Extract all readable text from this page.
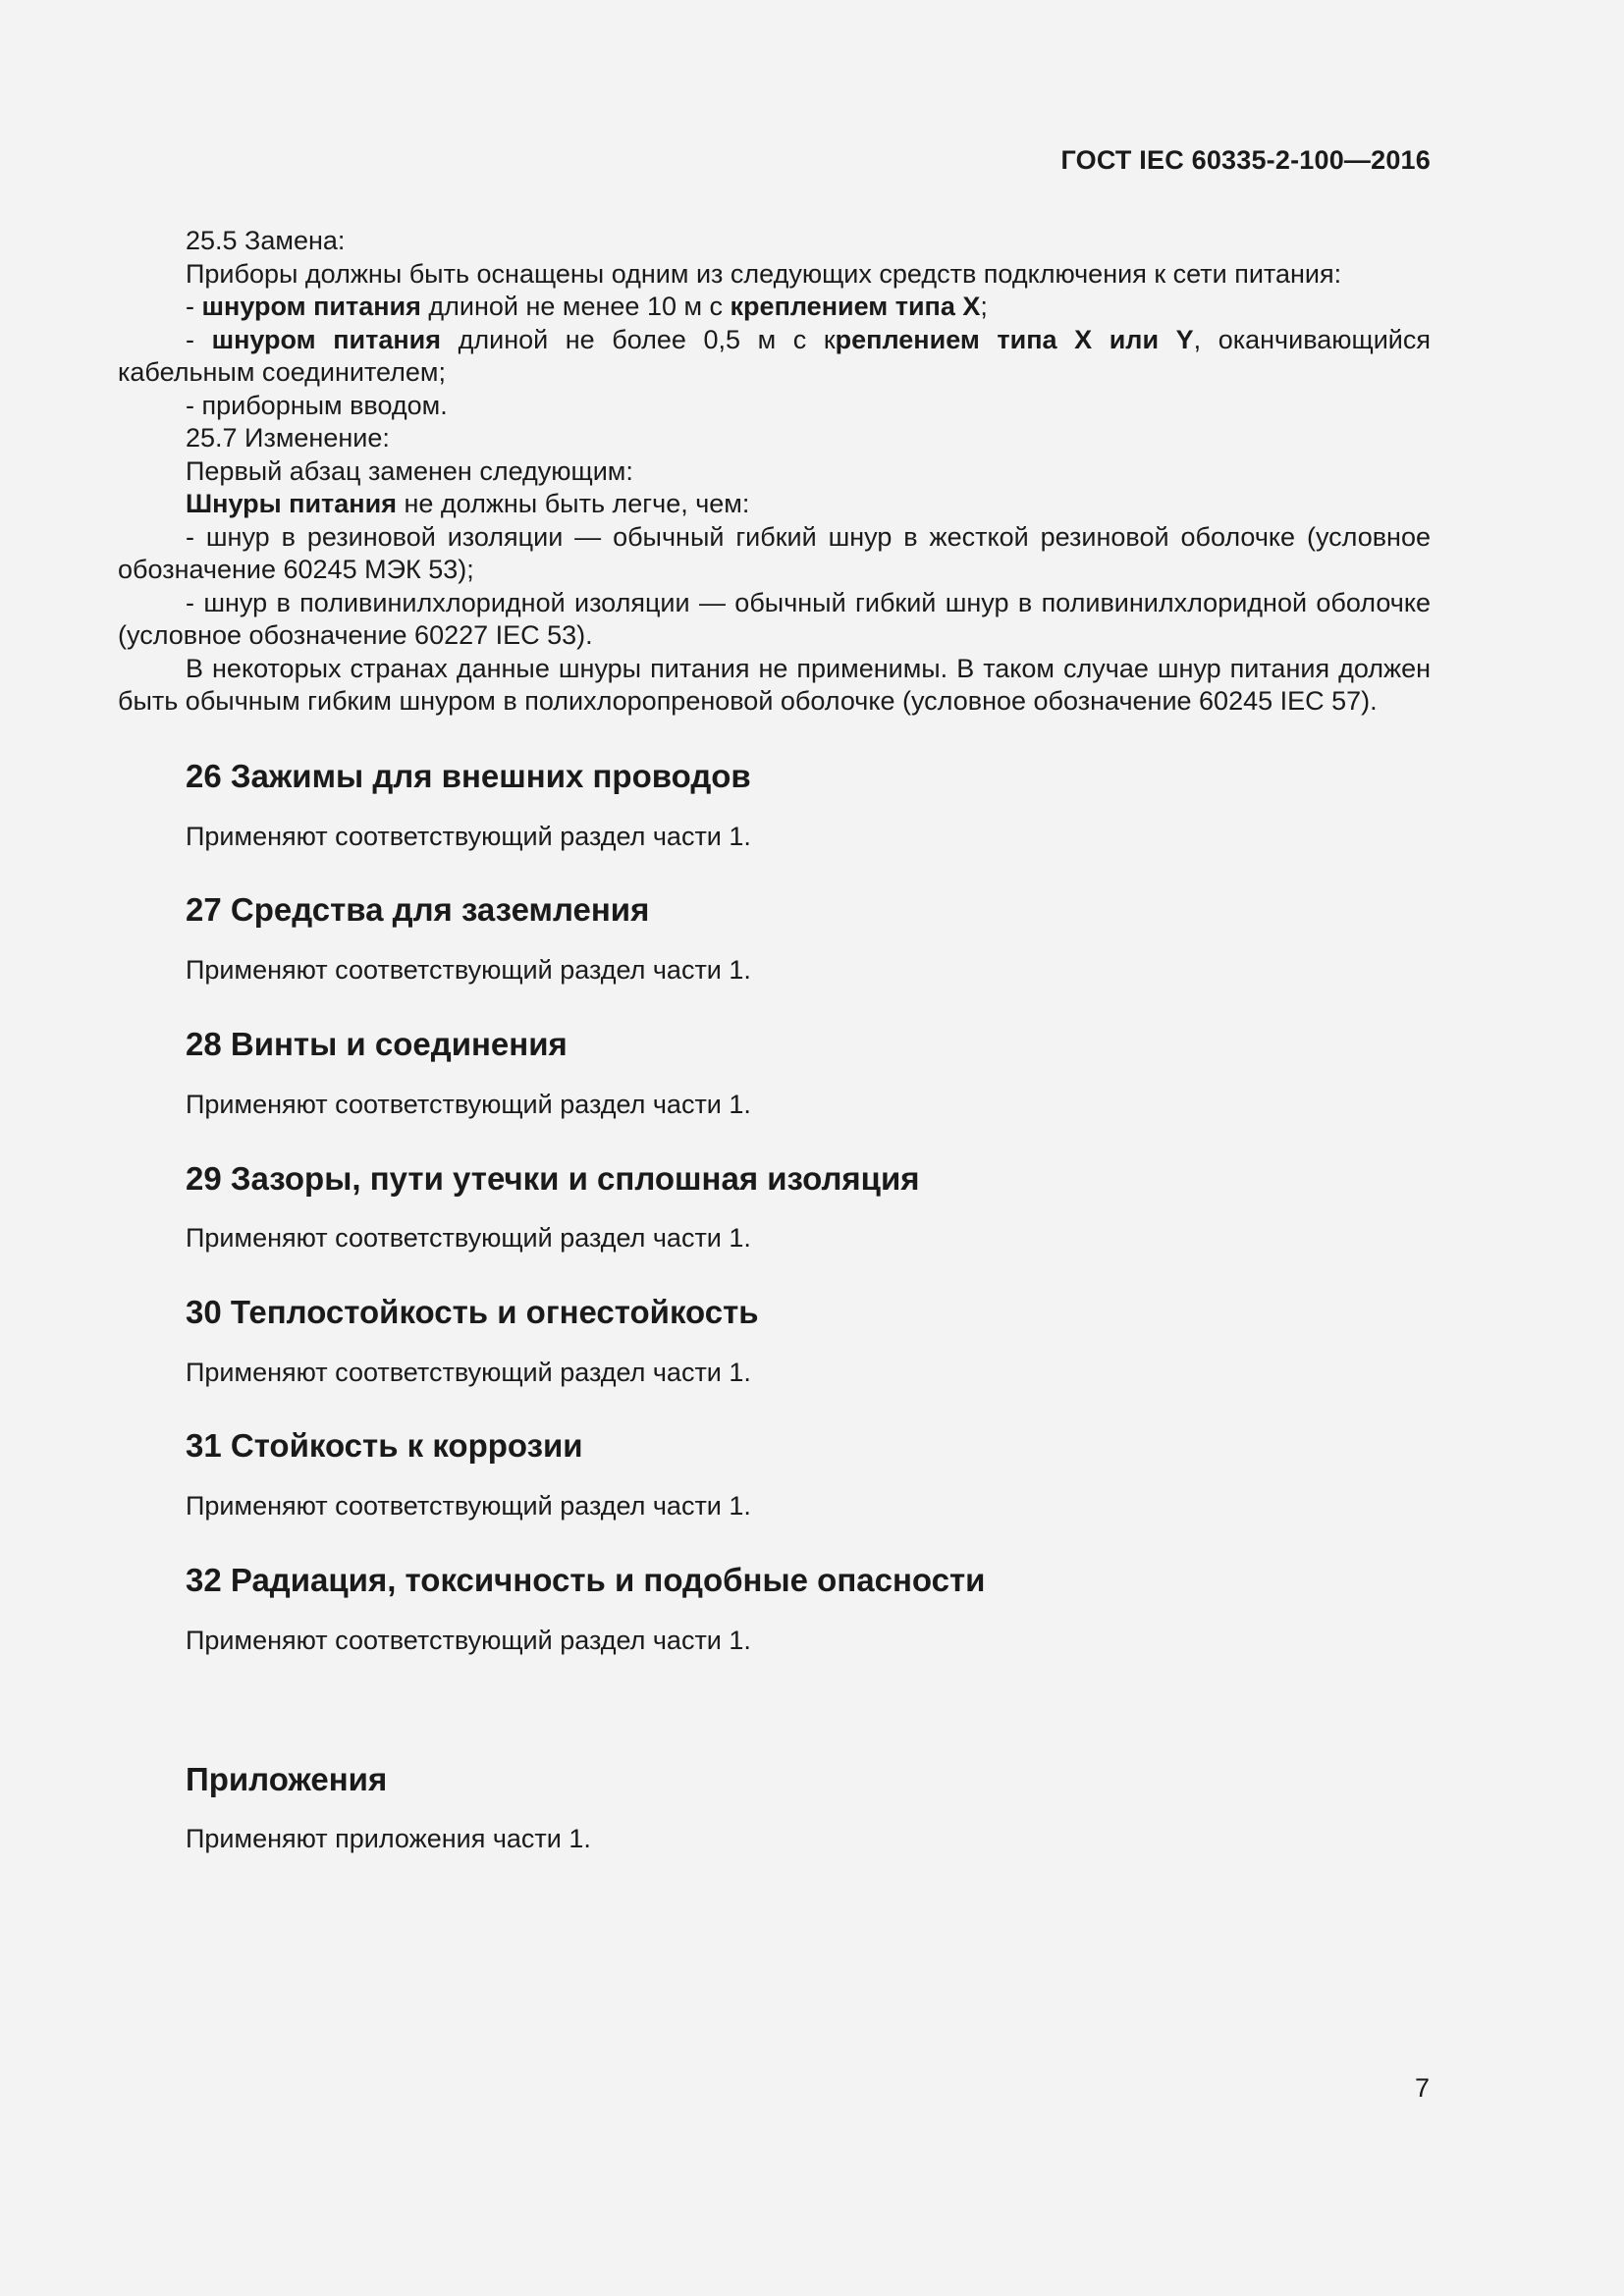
ГОСТ IEC 60335-2-100—2016

25.5 Замена:

Приборы должны быть оснащены одним из следующих средств подключения к сети питания:

- шнуром питания длиной не менее 10 м с креплением типа X;

- шнуром питания длиной не более 0,5 м с креплением типа X или Y, оканчивающийся кабельным соединителем;

- приборным вводом.

25.7 Изменение:

Первый абзац заменен следующим:

Шнуры питания не должны быть легче, чем:

- шнур в резиновой изоляции — обычный гибкий шнур в жесткой резиновой оболочке (условное обозначение 60245 МЭК 53);

- шнур в поливинилхлоридной изоляции — обычный гибкий шнур в поливинилхлоридной оболочке (условное обозначение 60227 IEC 53).

В некоторых странах данные шнуры питания не применимы. В таком случае шнур питания должен быть обычным гибким шнуром в полихлоропреновой оболочке (условное обозначение 60245 IEC 57).

26 Зажимы для внешних проводов
Применяют соответствующий раздел части 1.
27 Средства для заземления
Применяют соответствующий раздел части 1.
28 Винты и соединения
Применяют соответствующий раздел части 1.
29 Зазоры, пути утечки и сплошная изоляция
Применяют соответствующий раздел части 1.
30 Теплостойкость и огнестойкость
Применяют соответствующий раздел части 1.
31 Стойкость к коррозии
Применяют соответствующий раздел части 1.
32 Радиация, токсичность и подобные опасности
Применяют соответствующий раздел части 1.
Приложения
Применяют приложения части 1.
7
